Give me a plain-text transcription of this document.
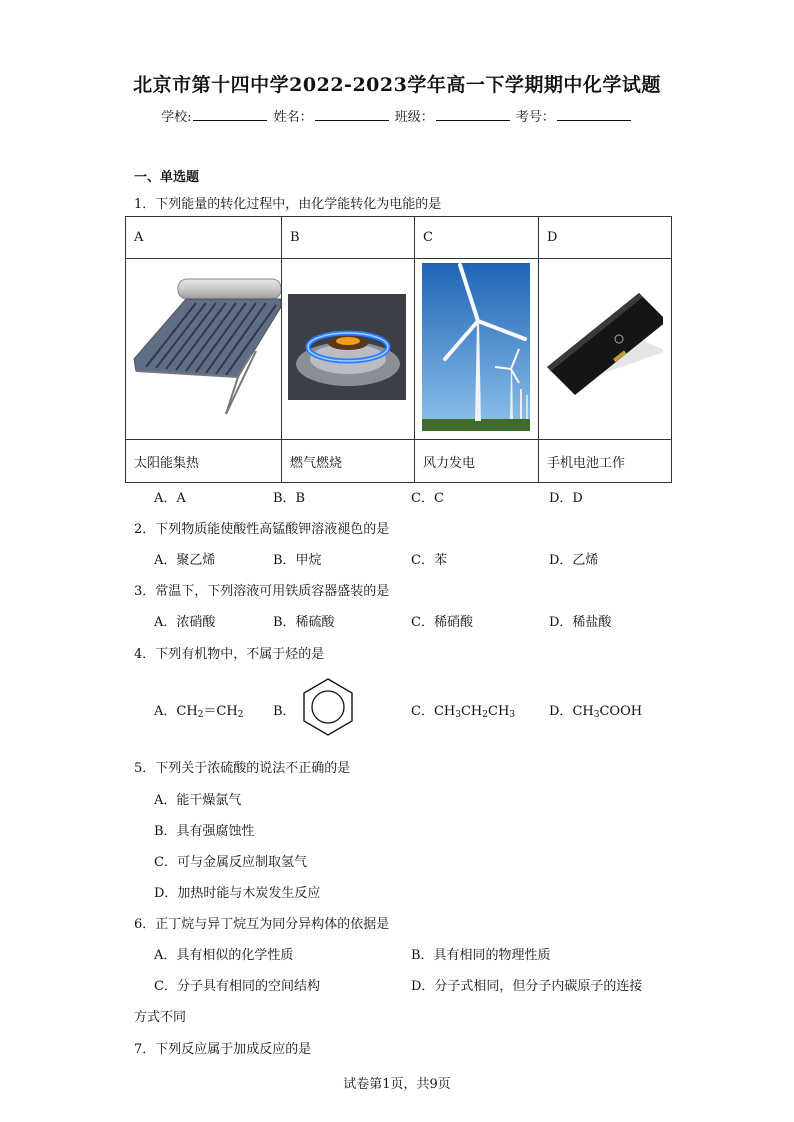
北京市第十四中学2022-2023学年高一下学期期中化学试题
学校:	姓名：	班级：	考号：
一、单选题
1．下列能量的转化过程中，由化学能转化为电能的是
A	B	C	D

太阳能集热	燃气燃烧	风力发电	手机电池工作
A．A	B．B	C．C	D．D
2．下列物质能使酸性高锰酸钾溶液褪色的是
A．聚乙烯	B．甲烷	C．苯	D．乙烯
3．常温下，下列溶液可用铁质容器盛装的是
A．浓硝酸	B．稀硫酸	C．稀硝酸	D．稀盐酸
4．下列有机物中，不属于烃的是
A．$CH_2=CH_2$ B．	C．$CH_3CH_2CH_3$	D．$CH_3COOH$
5．下列关于浓硫酸的说法不正确的是
A．能干燥氯气
B．具有强腐蚀性
C．可与金属反应制取氢气
D．加热时能与木炭发生反应
6．正丁烷与异丁烷互为同分异构体的依据是
A．具有相似的化学性质	B．具有相同的物理性质
C．分子具有相同的空间结构	D．分子式相同，但分子内碳原子的连接
方式不同
7．下列反应属于加成反应的是
试卷第1页，共9页
